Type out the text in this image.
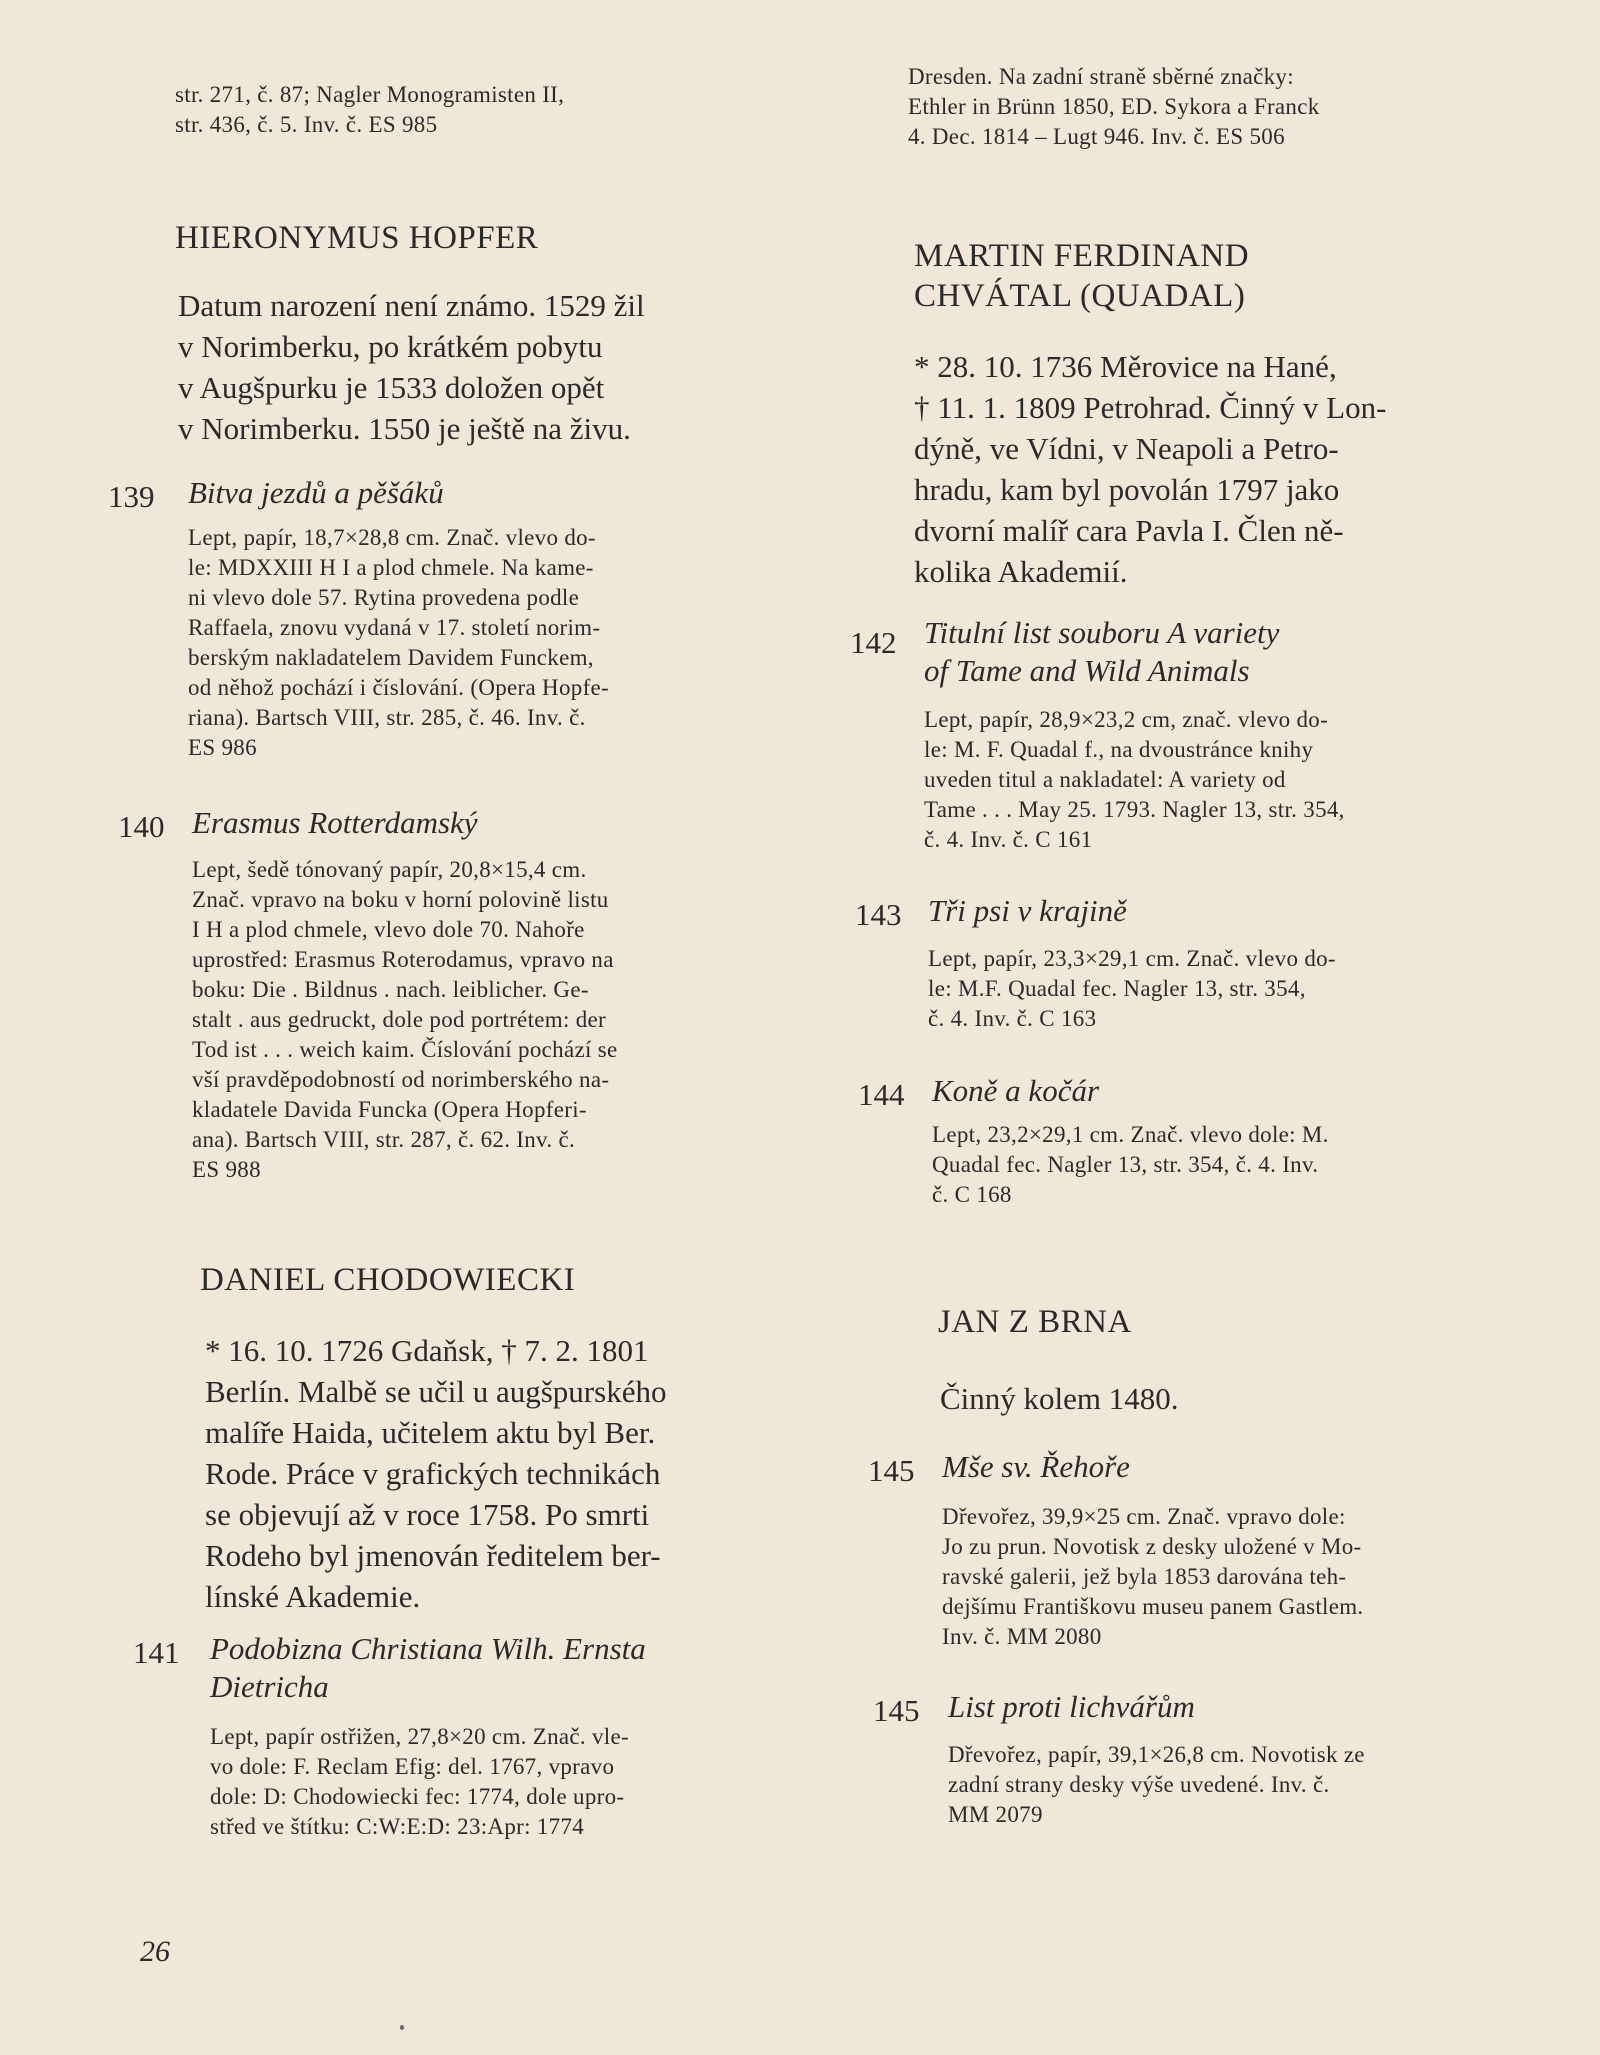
str. 271, č. 87; Nagler Monogramisten II,
str. 436, č. 5. Inv. č. ES 985
HIERONYMUS HOPFER
Datum narození není známo. 1529 žil
v Norimberku, po krátkém pobytu
v Augšpurku je 1533 doložen opět
v Norimberku. 1550 je ještě na živu.
139 Bitva jezdů a pěšáků
Lept, papír, 18,7×28,8 cm. Znač. vlevo do-
le: MDXXIII H I a plod chmele. Na kame-
ni vlevo dole 57. Rytina provedena podle
Raffaela, znovu vydaná v 17. století norim-
berským nakladatelem Davidem Funckem,
od něhož pochází i číslování. (Opera Hopfe-
riana). Bartsch VIII, str. 285, č. 46. Inv. č.
ES 986
140 Erasmus Rotterdamský
Lept, šedě tónovaný papír, 20,8×15,4 cm.
Znač. vpravo na boku v horní polovině listu
I H a plod chmele, vlevo dole 70. Nahoře
uprostřed: Erasmus Roterodamus, vpravo na
boku: Die . Bildnus . nach. leiblicher. Ge-
stalt . aus gedruckt, dole pod portrétem: der
Tod ist . . . weich kaim. Číslování pochází se
vší pravděpodobností od norimberského na-
kladatele Davida Funcka (Opera Hopferi-
ana). Bartsch VIII, str. 287, č. 62. Inv. č.
ES 988
DANIEL CHODOWIECKI
* 16. 10. 1726 Gdaňsk, † 7. 2. 1801
Berlín. Malbě se učil u augšpurského
malíře Haida, učitelem aktu byl Ber.
Rode. Práce v grafických technikách
se objevují až v roce 1758. Po smrti
Rodeho byl jmenován ředitelem ber-
línské Akademie.
141 Podobizna Christiana Wilh. Ernsta
Dietricha
Lept, papír ostřižen, 27,8×20 cm. Znač. vle-
vo dole: F. Reclam Efig: del. 1767, vpravo
dole: D: Chodowiecki fec: 1774, dole upro-
střed ve štítku: C:W:E:D: 23:Apr: 1774
26
Dresden. Na zadní straně sběrné značky:
Ethler in Brünn 1850, ED. Sykora a Franck
4. Dec. 1814 – Lugt 946. Inv. č. ES 506
MARTIN FERDINAND
CHVÁTAL (QUADAL)
* 28. 10. 1736 Měrovice na Hané,
† 11. 1. 1809 Petrohrad. Činný v Lon-
dýně, ve Vídni, v Neapoli a Petro-
hradu, kam byl povolán 1797 jako
dvorní malíř cara Pavla I. Člen ně-
kolika Akademií.
142 Titulní list souboru A variety
of Tame and Wild Animals
Lept, papír, 28,9×23,2 cm, znač. vlevo do-
le: M. F. Quadal f., na dvoustránce knihy
uveden titul a nakladatel: A variety od
Tame . . . May 25. 1793. Nagler 13, str. 354,
č. 4. Inv. č. C 161
143 Tři psi v krajině
Lept, papír, 23,3×29,1 cm. Znač. vlevo do-
le: M.F. Quadal fec. Nagler 13, str. 354,
č. 4. Inv. č. C 163
144 Koně a kočár
Lept, 23,2×29,1 cm. Znač. vlevo dole: M.
Quadal fec. Nagler 13, str. 354, č. 4. Inv.
č. C 168
JAN Z BRNA
Činný kolem 1480.
145 Mše sv. Řehoře
Dřevořez, 39,9×25 cm. Znač. vpravo dole:
Jo zu prun. Novotisk z desky uložené v Mo-
ravské galerii, jež byla 1853 darována teh-
dejšímu Františkovu museu panem Gastlem.
Inv. č. MM 2080
145 List proti lichvářům
Dřevořez, papír, 39,1×26,8 cm. Novotisk ze
zadní strany desky výše uvedené. Inv. č.
MM 2079
